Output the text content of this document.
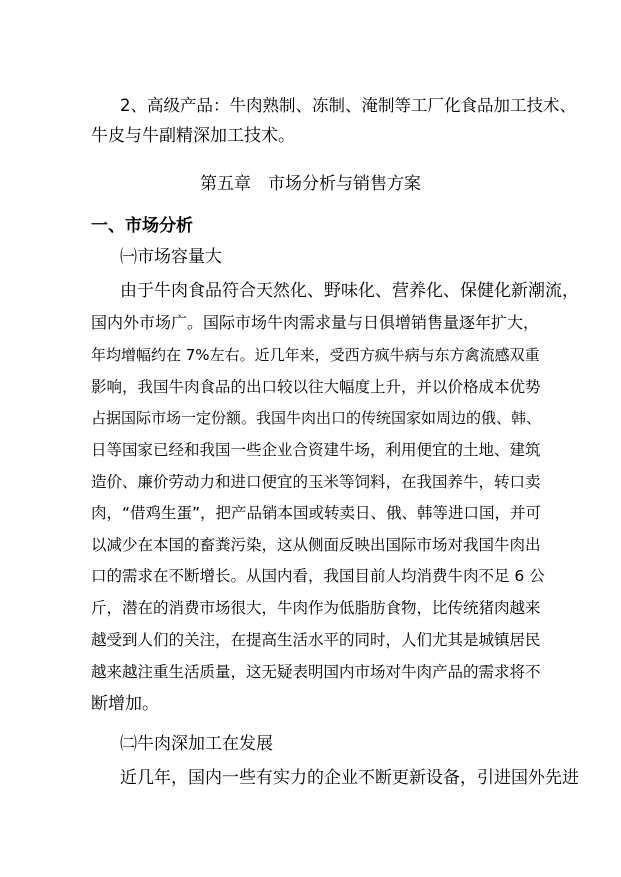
2、高级产品：牛肉熟制、冻制、淹制等工厂化食品加工技术、
牛皮与牛副精深加工技术。
第五章　市场分析与销售方案
一、市场分析
㈠市场容量大
由于牛肉食品符合天然化、野味化、营养化、保健化新潮流，
国内外市场广。国际市场牛肉需求量与日俱增销售量逐年扩大，
年均增幅约在 7%左右。近几年来，受西方疯牛病与东方禽流感双重
影响，我国牛肉食品的出口较以往大幅度上升，并以价格成本优势
占据国际市场一定份额。我国牛肉出口的传统国家如周边的俄、韩、
日等国家已经和我国一些企业合资建牛场，利用便宜的土地、建筑
造价、廉价劳动力和进口便宜的玉米等饲料，在我国养牛，转口卖
肉，“借鸡生蛋”，把产品销本国或转卖日、俄、韩等进口国，并可
以减少在本国的畜粪污染，这从侧面反映出国际市场对我国牛肉出
口的需求在不断增长。从国内看，我国目前人均消费牛肉不足 6 公
斤，潜在的消费市场很大，牛肉作为低脂肪食物，比传统猪肉越来
越受到人们的关注，在提高生活水平的同时，人们尤其是城镇居民
越来越注重生活质量，这无疑表明国内市场对牛肉产品的需求将不
断增加。
㈡牛肉深加工在发展
近几年，国内一些有实力的企业不断更新设备，引进国外先进
